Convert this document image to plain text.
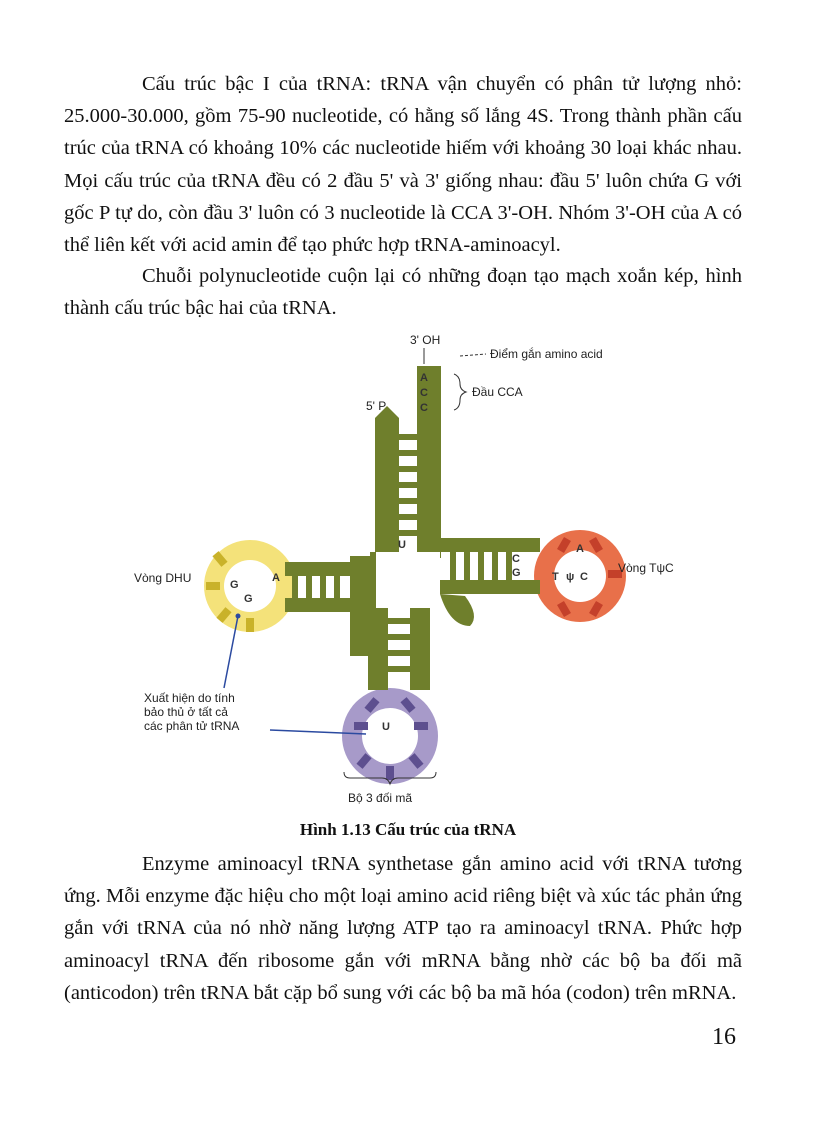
Cấu trúc bậc I của tRNA: tRNA vận chuyển có phân tử lượng nhỏ: 25.000-30.000, gồm 75-90 nucleotide, có hằng số lắng 4S. Trong thành phần cấu trúc của tRNA có khoảng 10% các nucleotide hiếm với khoảng 30 loại khác nhau. Mọi cấu trúc của tRNA đều có 2 đầu 5' và 3' giống nhau: đầu 5' luôn chứa G với gốc P tự do, còn đầu 3' luôn có 3 nucleotide là CCA 3'-OH. Nhóm 3'-OH của A có thể liên kết với acid amin để tạo phức hợp tRNA-aminoacyl.

Chuỗi polynucleotide cuộn lại có những đoạn tạo mạch xoắn kép, hình thành cấu trúc bậc hai của tRNA.

A
C
C
U
A
G
G
C
G	T ψ C
A
U
3' OH
Điểm gắn amino acid
Đầu CCA
5' P
Vòng DHU
Vòng TψC
Xuất hiện do tính
bảo thủ ở tất cả
các phân tử tRNA
Bộ 3 đối mã
Hình 1.13 Cấu trúc của tRNA

Enzyme aminoacyl tRNA synthetase gắn amino acid với tRNA tương ứng. Mỗi enzyme đặc hiệu cho một loại amino acid riêng biệt và xúc tác phản ứng gắn với tRNA của nó nhờ năng lượng ATP tạo ra aminoacyl tRNA. Phức hợp aminoacyl tRNA đến ribosome gắn với mRNA bằng nhờ các bộ ba đối mã (anticodon) trên tRNA bắt cặp bổ sung với các bộ ba mã hóa (codon) trên mRNA.

16
